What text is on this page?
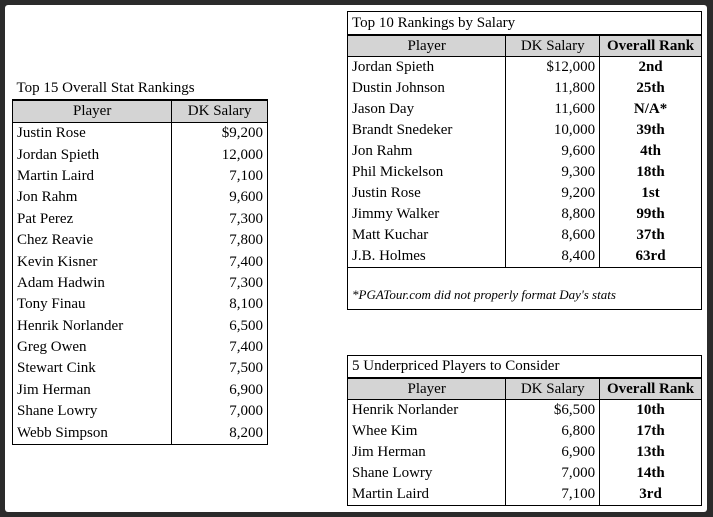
Top 15 Overall Stat Rankings	
Player	DK Salary
Justin Rose	$9,200
Jordan Spieth	12,000
Martin Laird	7,100
Jon Rahm	9,600
Pat Perez	7,300
Chez Reavie	7,800
Kevin Kisner	7,400
Adam Hadwin	7,300
Tony Finau	8,100
Henrik Norlander	6,500
Greg Owen	7,400
Stewart Cink	7,500
Jim Herman	6,900
Shane Lowry	7,000
Webb Simpson	8,200
Top 10 Rankings by Salary		
Player	DK Salary	Overall Rank
Jordan Spieth	$12,000	2nd
Dustin Johnson	11,800	25th
Jason Day	11,600	N/A*
Brandt Snedeker	10,000	39th
Jon Rahm	9,600	4th
Phil Mickelson	9,300	18th
Justin Rose	9,200	1st
Jimmy Walker	8,800	99th
Matt Kuchar	8,600	37th
J.B. Holmes	8,400	63rd

*PGATour.com did not properly format Day's stats		
5 Underpriced Players to Consider		
Player	DK Salary	Overall Rank
Henrik Norlander	$6,500	10th
Whee Kim	6,800	17th
Jim Herman	6,900	13th
Shane Lowry	7,000	14th
Martin Laird	7,100	3rd
